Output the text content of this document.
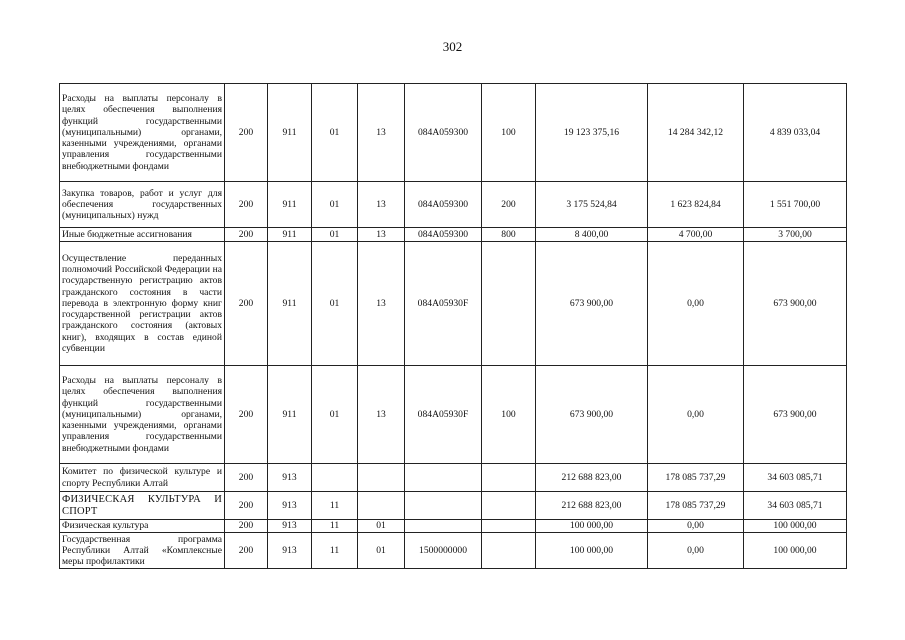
302
Расходы на выплаты персоналу в целях обеспечения выполнения функций государственными (муниципальными) органами, казенными учреждениями, органами управления государственными внебюджетными фондами	200	911	01	13	084A059300	100	19 123 375,16	14 284 342,12	4 839 033,04
Закупка товаров, работ и услуг для обеспечения государственных (муниципальных) нужд	200	911	01	13	084A059300	200	3 175 524,84	1 623 824,84	1 551 700,00
Иные бюджетные ассигнования	200	911	01	13	084A059300	800	8 400,00	4 700,00	3 700,00
Осуществление переданных полномочий Российской Федерации на государственную регистрацию актов гражданского состояния в части перевода в электронную форму книг государственной регистрации актов гражданского состояния (актовых книг), входящих в состав единой субвенции	200	911	01	13	084A05930F		673 900,00	0,00	673 900,00
Расходы на выплаты персоналу в целях обеспечения выполнения функций государственными (муниципальными) органами, казенными учреждениями, органами управления государственными внебюджетными фондами	200	911	01	13	084A05930F	100	673 900,00	0,00	673 900,00
Комитет по физической культуре и спорту Республики Алтай	200	913					212 688 823,00	178 085 737,29	34 603 085,71
ФИЗИЧЕСКАЯ КУЛЬТУРА И СПОРТ	200	913	11				212 688 823,00	178 085 737,29	34 603 085,71
Физическая культура	200	913	11	01			100 000,00	0,00	100 000,00
Государственная программа Республики Алтай «Комплексные меры профилактики	200	913	11	01	1500000000		100 000,00	0,00	100 000,00
